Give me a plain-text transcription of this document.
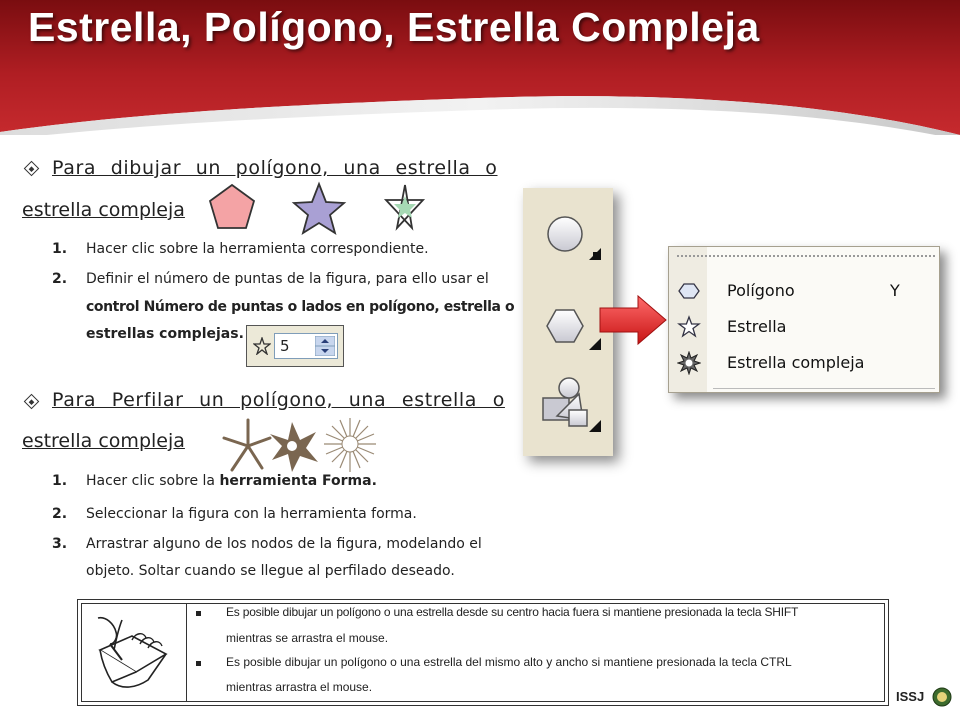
Estrella, Polígono, Estrella Compleja
Para dibujar un polígono, una estrella o
estrella compleja
1. Hacer clic sobre la herramienta correspondiente.
2. Definir el número de puntas de la figura, para ello usar el
control Número de puntas o lados en polígono, estrella o
estrellas complejas.
5
Para Perfilar un polígono, una estrella o
estrella compleja
1. Hacer clic sobre la herramienta Forma.
2. Seleccionar la figura con la herramienta forma.
3. Arrastrar alguno de los nodos de la figura, modelando el
objeto. Soltar cuando se llegue al perfilado deseado.
Polígono	Y
Estrella
Estrella compleja
Es posible dibujar un polígono o una estrella desde su centro hacia fuera si mantiene presionada la tecla SHIFT
mientras se arrastra el mouse.
Es posible dibujar un polígono o una estrella del mismo alto y ancho si mantiene presionada la tecla CTRL
mientras arrastra el mouse.
ISSJ
